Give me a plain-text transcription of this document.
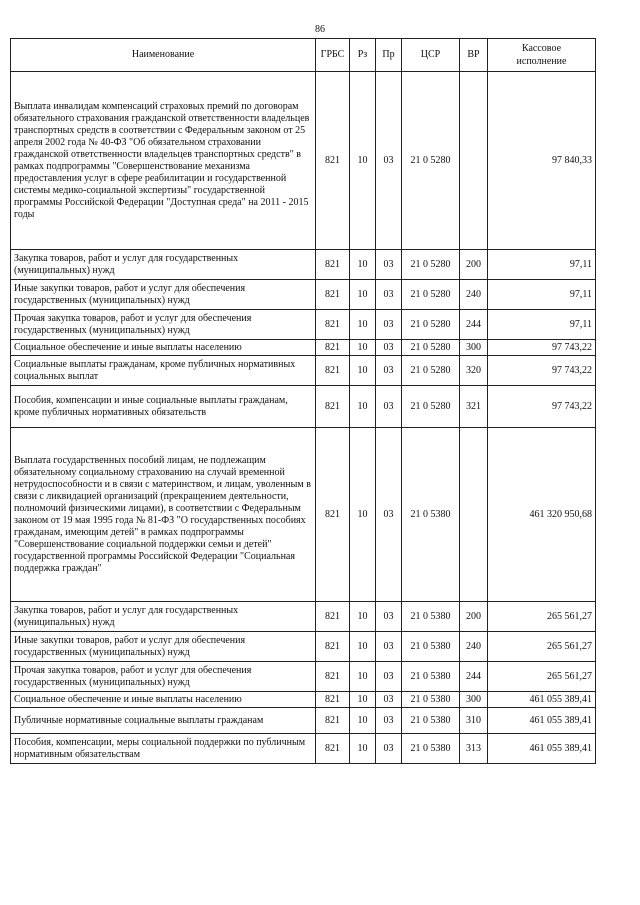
86
Наименование	ГРБС	Рз	Пр	ЦСР	ВР	Кассовое
исполнение
Выплата инвалидам компенсаций страховых премий по договорам обязательного страхования гражданской ответственности владельцев транспортных средств в соответствии с Федеральным законом от 25 апреля 2002 года № 40-ФЗ "Об обязательном страховании гражданской ответственности владельцев транспортных средств" в рамках подпрограммы "Совершенствование механизма предоставления услуг в сфере реабилитации и государственной системы медико-социальной экспертизы" государственной программы Российской Федерации "Доступная среда" на 2011 - 2015 годы	821	10	03	21 0 5280		97 840,33
Закупка товаров, работ и услуг для государственных (муниципальных) нужд	821	10	03	21 0 5280	200	97,11
Иные закупки товаров, работ и услуг для обеспечения государственных (муниципальных) нужд	821	10	03	21 0 5280	240	97,11
Прочая закупка товаров, работ и услуг для обеспечения государственных (муниципальных) нужд	821	10	03	21 0 5280	244	97,11
Социальное обеспечение и иные выплаты населению	821	10	03	21 0 5280	300	97 743,22
Социальные выплаты гражданам, кроме публичных нормативных социальных выплат	821	10	03	21 0 5280	320	97 743,22
Пособия, компенсации и иные социальные выплаты гражданам, кроме публичных нормативных обязательств	821	10	03	21 0 5280	321	97 743,22
Выплата государственных пособий лицам, не подлежащим обязательному социальному страхованию на случай временной нетрудоспособности и в связи с материнством, и лицам, уволенным в связи с ликвидацией организаций (прекращением деятельности, полномочий физическими лицами), в соответствии с Федеральным законом от 19 мая 1995 года № 81-ФЗ "О государственных пособиях гражданам, имеющим детей" в рамках подпрограммы "Совершенствование социальной поддержки семьи и детей" государственной программы Российской Федерации "Социальная поддержка граждан"	821	10	03	21 0 5380		461 320 950,68
Закупка товаров, работ и услуг для государственных (муниципальных) нужд	821	10	03	21 0 5380	200	265 561,27
Иные закупки товаров, работ и услуг для обеспечения государственных (муниципальных) нужд	821	10	03	21 0 5380	240	265 561,27
Прочая закупка товаров, работ и услуг для обеспечения государственных (муниципальных) нужд	821	10	03	21 0 5380	244	265 561,27
Социальное обеспечение и иные выплаты населению	821	10	03	21 0 5380	300	461 055 389,41
Публичные нормативные социальные выплаты гражданам	821	10	03	21 0 5380	310	461 055 389,41
Пособия, компенсации, меры социальной поддержки по публичным нормативным обязательствам	821	10	03	21 0 5380	313	461 055 389,41
